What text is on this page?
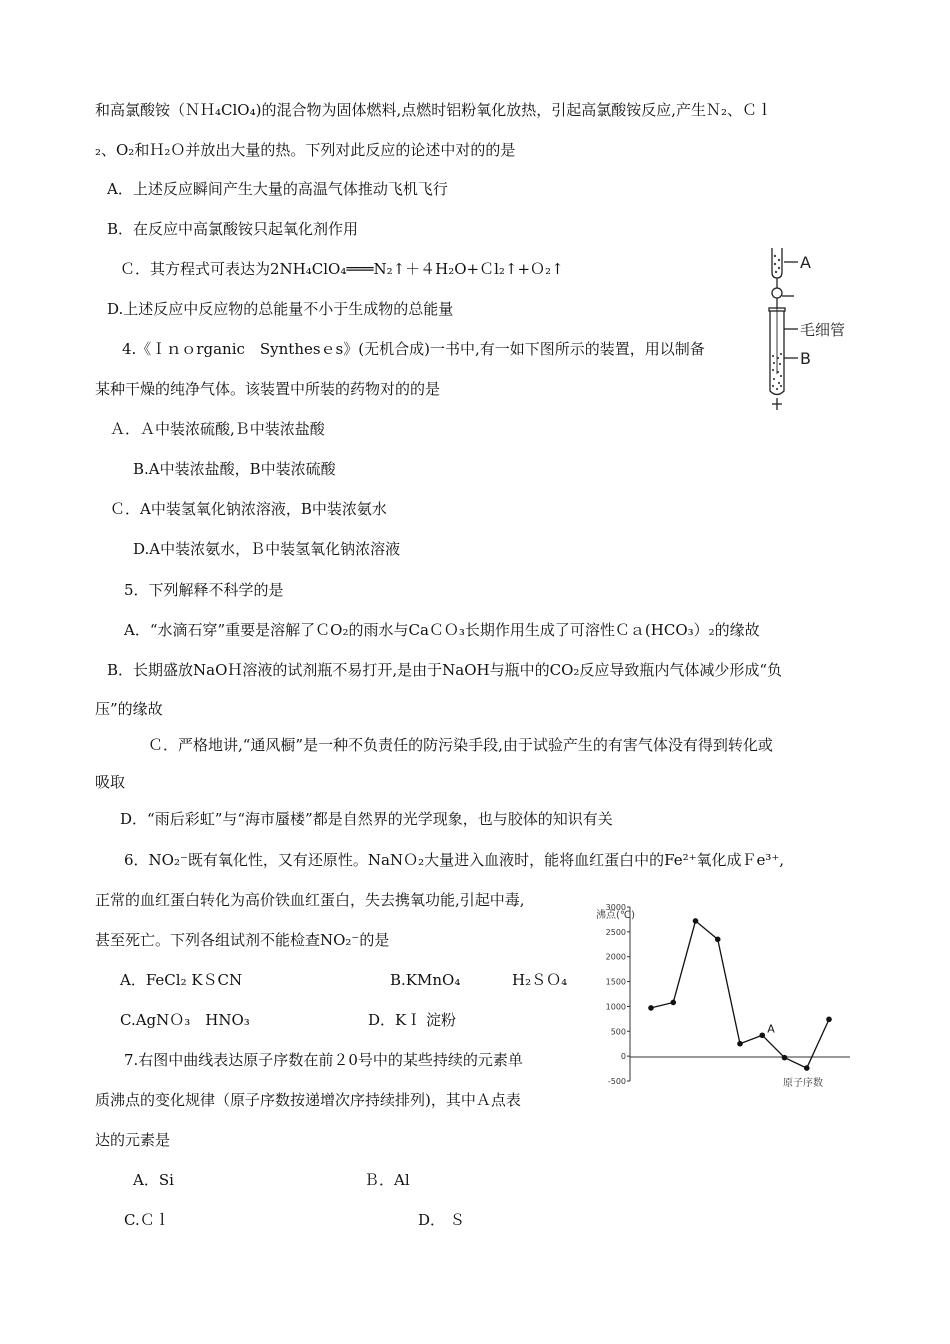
和高氯酸铵（ＮＨ₄ClO₄)的混合物为固体燃料,点燃时铝粉氧化放热，引起高氯酸铵反应,产生Ｎ₂、Ｃｌ
₂、O₂和Ｈ₂Ｏ并放出大量的热。下列对此反应的论述中对的的是
A．上述反应瞬间产生大量的高温气体推动飞机飞行
B．在反应中高氯酸铵只起氧化剂作用
Ｃ．其方程式可表达为2NH₄ClO₄═══N₂↑＋４H₂O+Ｃl₂↑+Ｏ₂↑
D.上述反应中反应物的总能量不小于生成物的总能量
4.《Ｉｎｏrganic　Synthesｅs》(无机合成)一书中,有一如下图所示的装置，用以制备
某种干燥的纯净气体。该装置中所装的药物对的的是
Ａ．Ａ中装浓硫酸,Ｂ中装浓盐酸
B.A中装浓盐酸，B中装浓硫酸
Ｃ．A中装氢氧化钠浓溶液，B中装浓氨水
D.A中装浓氨水，Ｂ中装氢氧化钠浓溶液
5．下列解释不科学的是
A．“水滴石穿”重要是溶解了ＣO₂的雨水与CaＣＯ₃长期作用生成了可溶性Ｃａ(HCO₃）₂的缘故
B．长期盛放NaOＨ溶液的试剂瓶不易打开,是由于NaOH与瓶中的CO₂反应导致瓶内气体减少形成“负
压”的缘故
Ｃ．严格地讲,“通风橱”是一种不负责任的防污染手段,由于试验产生的有害气体没有得到转化或
吸取
D．“雨后彩虹”与“海市蜃楼”都是自然界的光学现象，也与胶体的知识有关
6．NO₂⁻既有氧化性，又有还原性。NaNＯ₂大量进入血液时，能将血红蛋白中的Fe²⁺氧化成Ｆe³⁺,
正常的血红蛋白转化为高价铁血红蛋白，失去携氧功能,引起中毒,
甚至死亡。下列各组试剂不能检查NO₂⁻的是
A．FeCl₂ KＳCN	B.KMnO₄	H₂ＳＯ₄
C.AgNＯ₃　HNO₃	D．KＩ 淀粉
7.右图中曲线表达原子序数在前２0号中的某些持续的元素单
质沸点的变化规律（原子序数按递增次序持续排列)，其中Ａ点表
达的元素是
A．Si	Ｂ．Al
C.Ｃｌ	D． Ｓ
A
毛细管
B
沸点(℃)
3000
2500
2000
1500
1000
500
0
-500
A
原子序数
